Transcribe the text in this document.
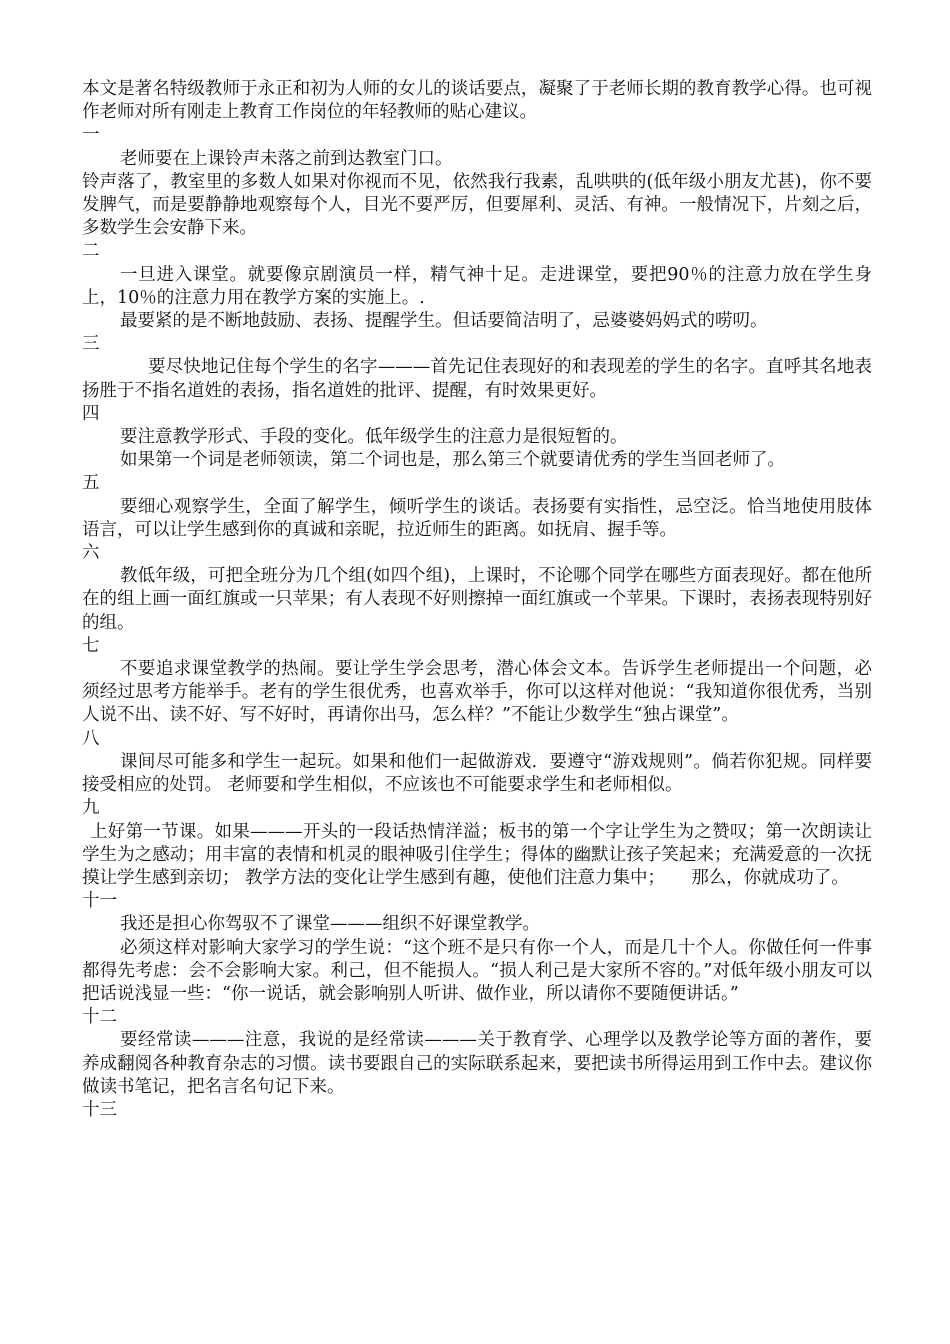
本文是著名特级教师于永正和初为人师的女儿的谈话要点，凝聚了于老师长期的教育教学心得。也可视作老师对所有刚走上教育工作岗位的年轻教师的贴心建议。

一

老师要在上课铃声未落之前到达教室门口。

铃声落了，教室里的多数人如果对你视而不见，依然我行我素，乱哄哄的(低年级小朋友尤甚)，你不要发脾气，而是要静静地观察每个人，目光不要严厉，但要犀利、灵活、有神。一般情况下，片刻之后，多数学生会安静下来。

二

一旦进入课堂。就要像京剧演员一样，精气神十足。走进课堂，要把90％的注意力放在学生身上，10％的注意力用在教学方案的实施上。.

最要紧的是不断地鼓励、表扬、提醒学生。但话要简洁明了，忌婆婆妈妈式的唠叨。

三

要尽快地记住每个学生的名字———首先记住表现好的和表现差的学生的名字。直呼其名地表扬胜于不指名道姓的表扬，指名道姓的批评、提醒，有时效果更好。

四

要注意教学形式、手段的变化。低年级学生的注意力是很短暂的。

如果第一个词是老师领读，第二个词也是，那么第三个就要请优秀的学生当回老师了。

五

要细心观察学生，全面了解学生，倾听学生的谈话。表扬要有实指性，忌空泛。恰当地使用肢体语言，可以让学生感到你的真诚和亲昵，拉近师生的距离。如抚肩、握手等。

六

教低年级，可把全班分为几个组(如四个组)，上课时，不论哪个同学在哪些方面表现好。都在他所在的组上画一面红旗或一只苹果；有人表现不好则擦掉一面红旗或一个苹果。下课时，表扬表现特别好的组。

七

不要追求课堂教学的热闹。要让学生学会思考，潜心体会文本。告诉学生老师提出一个问题，必须经过思考方能举手。老有的学生很优秀，也喜欢举手，你可以这样对他说：“我知道你很优秀，当别人说不出、读不好、写不好时，再请你出马，怎么样？”不能让少数学生“独占课堂”。

八

课间尽可能多和学生一起玩。如果和他们一起做游戏．要遵守“游戏规则”。倘若你犯规。同样要接受相应的处罚。 老师要和学生相似，不应该也不可能要求学生和老师相似。

九

上好第一节课。如果———开头的一段话热情洋溢；板书的第一个字让学生为之赞叹；第一次朗读让学生为之感动；用丰富的表情和机灵的眼神吸引住学生；得体的幽默让孩子笑起来；充满爱意的一次抚摸让学生感到亲切； 教学方法的变化让学生感到有趣，使他们注意力集中；　　那么，你就成功了。

十一

我还是担心你驾驭不了课堂———组织不好课堂教学。

必须这样对影响大家学习的学生说：“这个班不是只有你一个人，而是几十个人。你做任何一件事都得先考虑：会不会影响大家。利己，但不能损人。“损人利己是大家所不容的。”对低年级小朋友可以把话说浅显一些：“你一说话，就会影响别人听讲、做作业，所以请你不要随便讲话。”

十二

要经常读———注意，我说的是经常读———关于教育学、心理学以及教学论等方面的著作，要养成翻阅各种教育杂志的习惯。读书要跟自己的实际联系起来，要把读书所得运用到工作中去。建议你做读书笔记，把名言名句记下来。

十三
